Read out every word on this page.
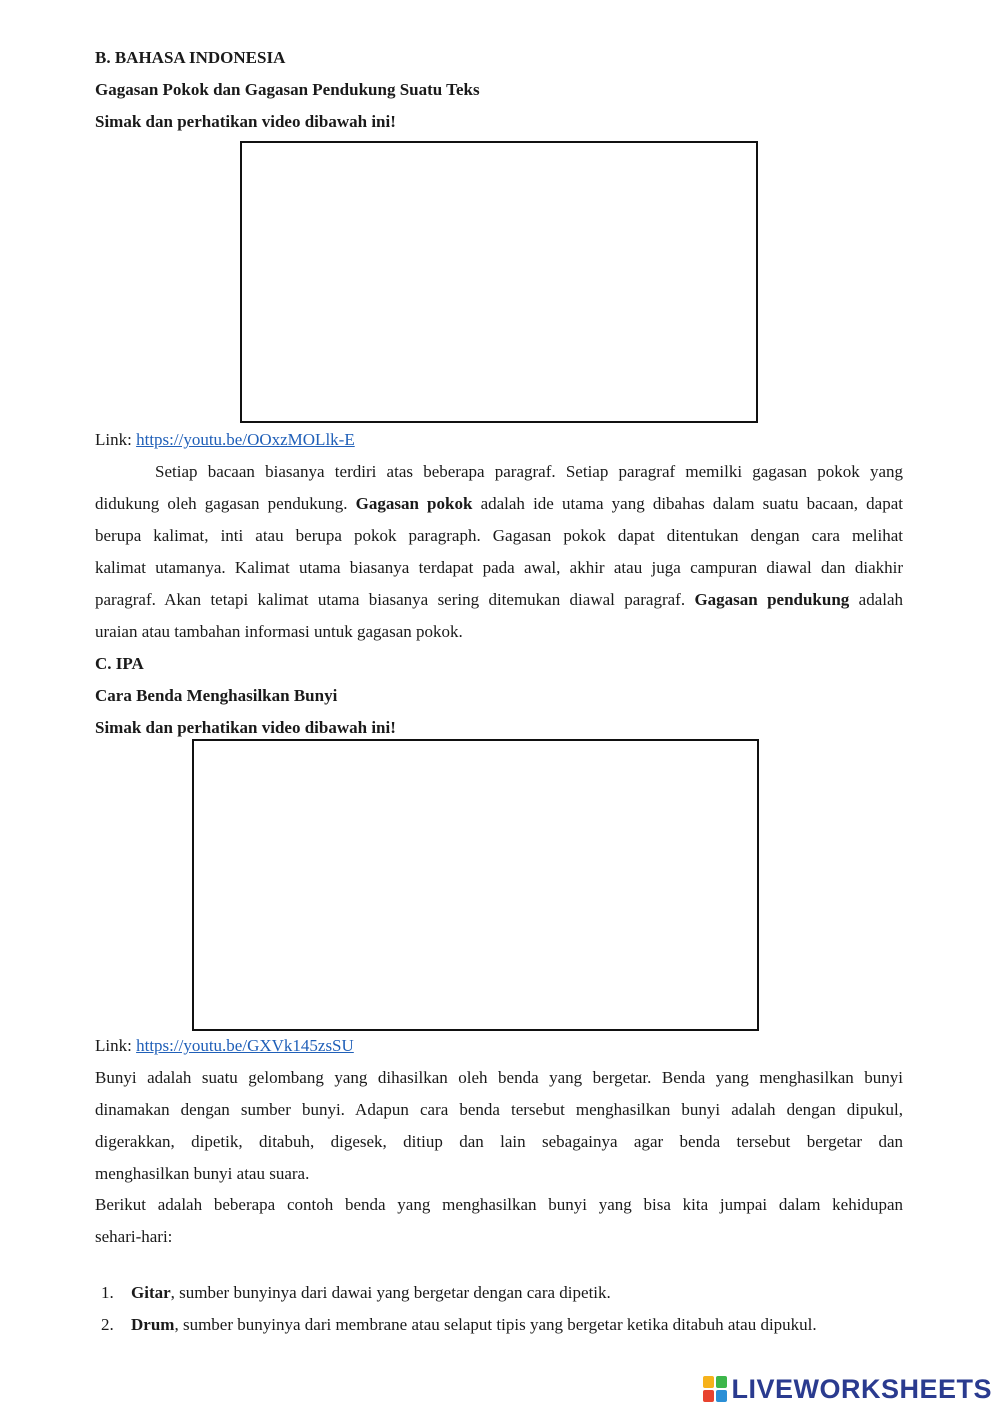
B. BAHASA INDONESIA
Gagasan Pokok dan Gagasan Pendukung Suatu Teks
Simak dan perhatikan video dibawah ini!
Link: https://youtu.be/OOxzMOLlk-E
Setiap bacaan biasanya terdiri atas beberapa paragraf. Setiap paragraf memilki gagasan pokok yang
didukung oleh gagasan pendukung. Gagasan pokok adalah ide utama yang dibahas dalam suatu bacaan, dapat
berupa kalimat, inti atau berupa pokok paragraph. Gagasan pokok dapat ditentukan dengan cara melihat
kalimat utamanya. Kalimat utama biasanya terdapat pada awal, akhir atau juga campuran diawal dan diakhir
paragraf. Akan tetapi kalimat utama biasanya sering ditemukan diawal paragraf. Gagasan pendukung adalah
uraian atau tambahan informasi untuk gagasan pokok.
C. IPA
Cara Benda Menghasilkan Bunyi
Simak dan perhatikan video dibawah ini!
Link: https://youtu.be/GXVk145zsSU
Bunyi adalah suatu gelombang yang dihasilkan oleh benda yang bergetar. Benda yang menghasilkan bunyi
dinamakan dengan sumber bunyi. Adapun cara benda tersebut menghasilkan bunyi adalah dengan dipukul,
digerakkan, dipetik, ditabuh, digesek, ditiup dan lain sebagainya agar benda tersebut bergetar dan
menghasilkan bunyi atau suara.
Berikut adalah beberapa contoh benda yang menghasilkan bunyi yang bisa kita jumpai dalam kehidupan
sehari-hari:
1. Gitar, sumber bunyinya dari dawai yang bergetar dengan cara dipetik.
2. Drum, sumber bunyinya dari membrane atau selaput tipis yang bergetar ketika ditabuh atau dipukul.
LIVEWORKSHEETS
